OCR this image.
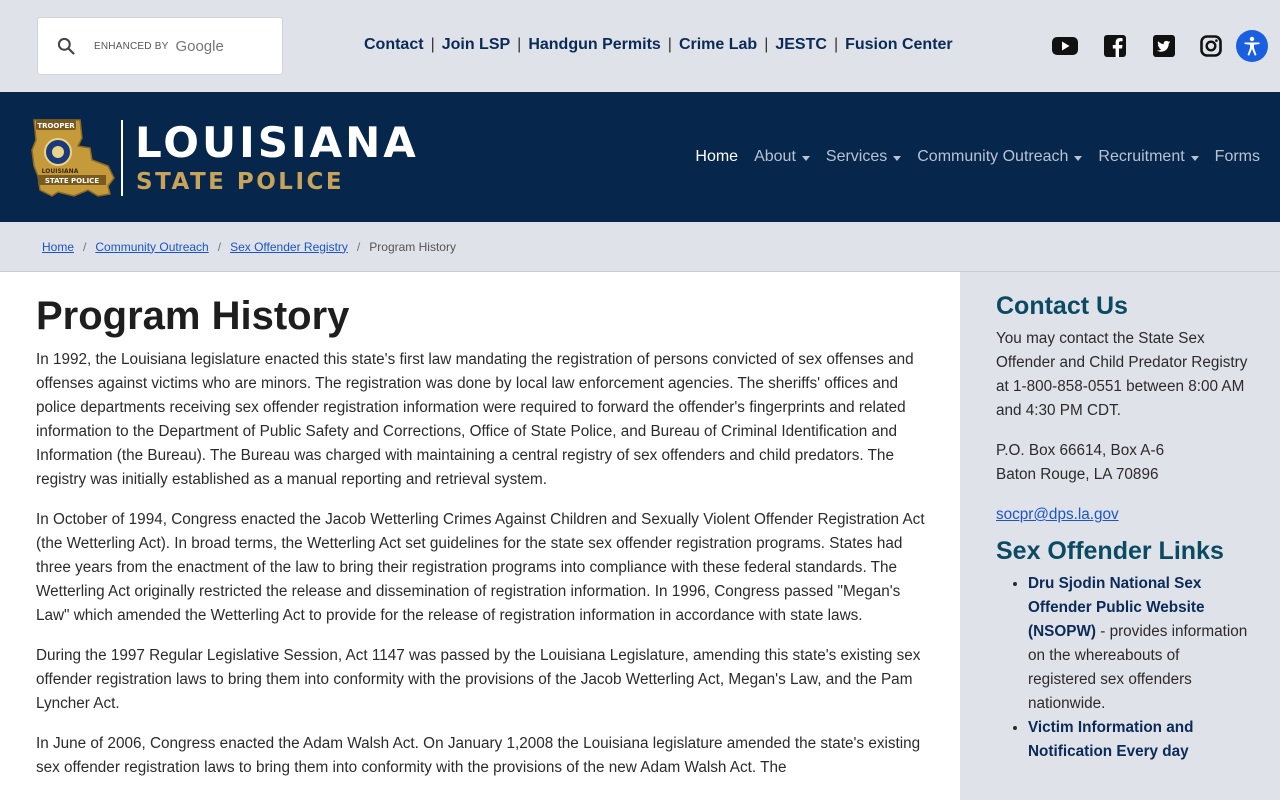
ENHANCED BY Google	Contact | Join LSP | Handgun Permits | Crime Lab | JESTC | Fusion Center
TROOPER
LOUISIANA
STATE POLICE
LOUISIANA
STATE POLICE
Home About Services Community Outreach Recruitment Forms
Home / Community Outreach / Sex Offender Registry / Program History
Program History

In 1992, the Louisiana legislature enacted this state's first law mandating the registration of persons convicted of sex offenses and offenses against victims who are minors. The registration was done by local law enforcement agencies. The sheriffs' offices and police departments receiving sex offender registration information were required to forward the offender's fingerprints and related information to the Department of Public Safety and Corrections, Office of State Police, and Bureau of Criminal Identification and Information (the Bureau). The Bureau was charged with maintaining a central registry of sex offenders and child predators. The registry was initially established as a manual reporting and retrieval system.

In October of 1994, Congress enacted the Jacob Wetterling Crimes Against Children and Sexually Violent Offender Registration Act (the Wetterling Act). In broad terms, the Wetterling Act set guidelines for the state sex offender registration programs. States had three years from the enactment of the law to bring their registration programs into compliance with these federal standards. The Wetterling Act originally restricted the release and dissemination of registration information. In 1996, Congress passed "Megan's Law" which amended the Wetterling Act to provide for the release of registration information in accordance with state laws.

During the 1997 Regular Legislative Session, Act 1147 was passed by the Louisiana Legislature, amending this state's existing sex offender registration laws to bring them into conformity with the provisions of the Jacob Wetterling Act, Megan's Law, and the Pam Lyncher Act.

In June of 2006, Congress enacted the Adam Walsh Act. On January 1,2008 the Louisiana legislature amended the state's existing sex offender registration laws to bring them into conformity with the provisions of the new Adam Walsh Act. The

Contact Us

You may contact the State Sex Offender and Child Predator Registry at 1-800-858-0551 between 8:00 AM and 4:30 PM CDT.

P.O. Box 66614, Box A-6
Baton Rouge, LA 70896

socpr@dps.la.gov

Sex Offender Links
• Dru Sjodin National Sex Offender Public Website (NSOPW) - provides information on the whereabouts of registered sex offenders nationwide.
• Victim Information and Notification Every day
